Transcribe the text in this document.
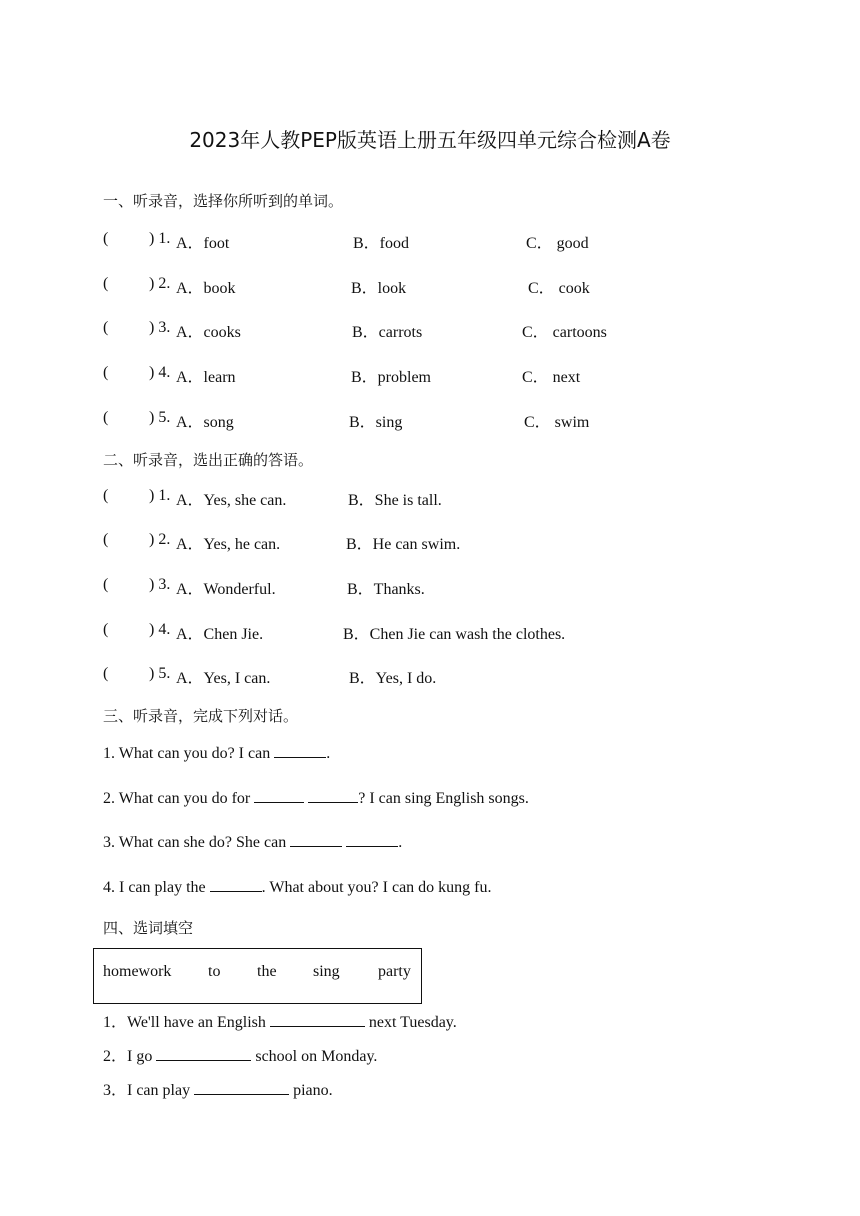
2023年人教PEP版英语上册五年级四单元综合检测A卷
一、听录音，选择你所听到的单词。
(	) 1. A．foot	B．food	C． good
(	) 2. A．book	B．look	C． cook
(	) 3. A．cooks	B．carrots	C． cartoons
(	) 4. A．learn	B．problem	C． next
(	) 5. A．song	B．sing	C． swim
二、听录音，选出正确的答语。
(	) 1. A．Yes, she can.	B．She is tall.
(	) 2. A．Yes, he can.	B．He can swim.
(	) 3. A．Wonderful.	B．Thanks.
(	) 4. A．Chen Jie.	B．Chen Jie can wash the clothes.
(	) 5. A．Yes, I can.	B．Yes, I do.
三、听录音，完成下列对话。
1. What can you do? I can	.
2. What can you do for	? I can sing English songs.
3. What can she do? She can	.
4. I can play the	. What about you? I can do kung fu.
四、选词填空
homework to the sing party
1．We'll have an English	next Tuesday.
2．I go	school on Monday.
3．I can play	piano.
